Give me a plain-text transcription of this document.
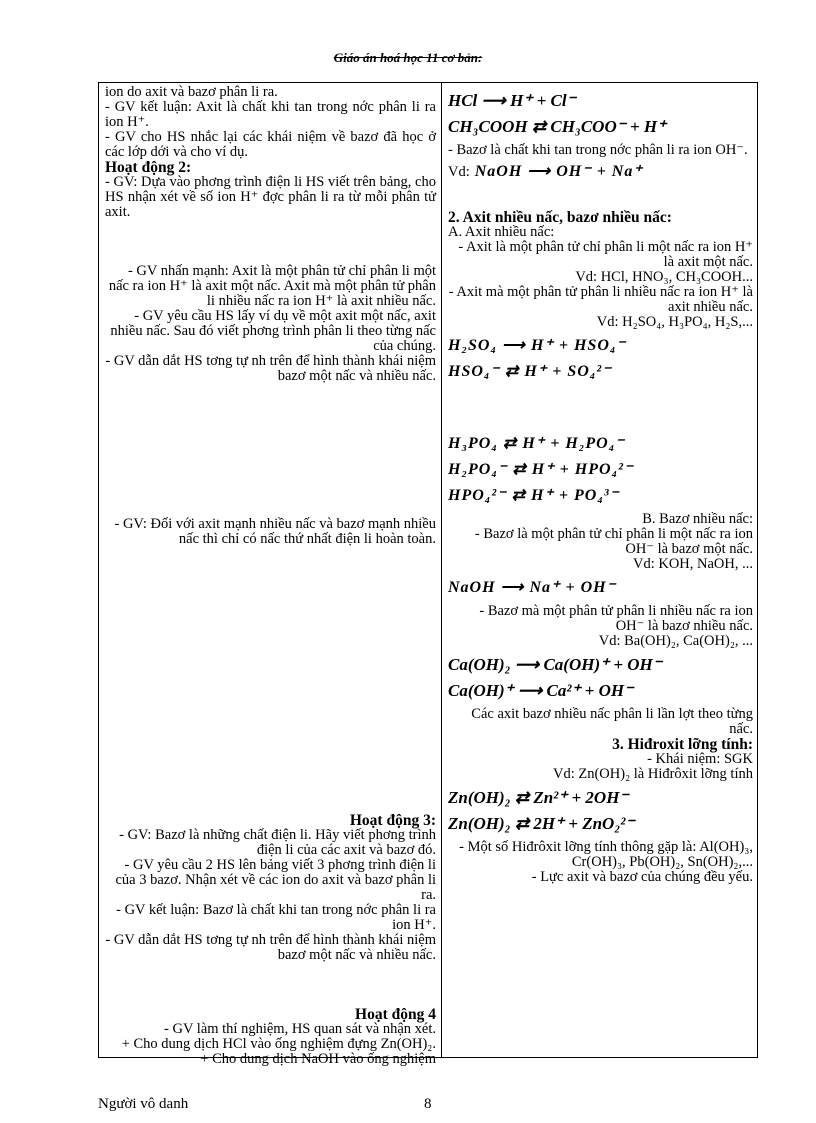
Giáo án hoá học 11 cơ bản:

ion do axit và bazơ phân li ra.

- GV kết luận: Axit là chất khi tan trong nớc phân li ra ion H⁺.

- GV cho HS nhắc lại các khái niệm về bazơ đã học ở các lớp dới và cho ví dụ.

Hoạt động 2:

- GV: Dựa vào phơng trình điện li HS viết trên bảng, cho HS nhận xét về số ion H⁺ đợc phân li ra từ mỗi phân tử axit.

- GV nhấn mạnh: Axit là một phân tử chỉ phân li một nấc ra ion H⁺ là axit một nấc. Axit mà một phân tử phân li nhiều nấc ra ion H⁺ là axit nhiều nấc.

- GV yêu cầu HS lấy ví dụ về một axit một nấc, axit nhiều nấc. Sau đó viết phơng trình phân li theo từng nấc của chúng.

- GV dẫn dắt HS tơng tự nh trên để hình thành khái niệm bazơ một nấc và nhiều nấc.

- GV: Đối với axit mạnh nhiều nấc và bazơ mạnh nhiều nấc thì chỉ có nấc thứ nhất điện li hoàn toàn.

Hoạt động 3:

- GV: Bazơ là những chất điện li. Hãy viết phơng trình điện li của các axit và bazơ đó.

- GV yêu cầu 2 HS lên bảng viết 3 phơng trình điện li của 3 bazơ. Nhận xét về các ion do axit và bazơ phân li ra.

- GV kết luận: Bazơ là chất khi tan trong nớc phân li ra ion H⁺.

- GV dẫn dắt HS tơng tự nh trên để hình thành khái niệm bazơ một nấc và nhiều nấc.

Hoạt động 4

- GV làm thí nghiệm, HS quan sát và nhận xét.

+ Cho dung dịch HCl vào ống nghiệm đựng Zn(OH)₂.

+ Cho dung dịch NaOH vào ống nghiệm

HCl ⟶ H⁺ + Cl⁻
CH₃COOH ⇄ CH₃COO⁻ + H⁺

- Bazơ là chất khi tan trong nớc phân li ra ion OH⁻.

Vd: NaOH ⟶ OH⁻ + Na⁺

2. Axit nhiều nấc, bazơ nhiều nấc:

A. Axit nhiều nấc:

- Axit là một phân tử chỉ phân li một nấc ra ion H⁺ là axit một nấc.

Vd: HCl, HNO₃, CH₃COOH...

- Axit mà một phân tử phân li nhiều nấc ra ion H⁺ là axit nhiều nấc.

Vd: H₂SO₄, H₃PO₄, H₂S,...

H₂SO₄ ⟶ H⁺ + HSO₄⁻
HSO₄⁻ ⇄ H⁺ + SO₄²⁻
H₃PO₄ ⇄ H⁺ + H₂PO₄⁻
H₂PO₄⁻ ⇄ H⁺ + HPO₄²⁻
HPO₄²⁻ ⇄ H⁺ + PO₄³⁻

B. Bazơ nhiều nấc:

- Bazơ là một phân tử chỉ phân li một nấc ra ion OH⁻ là bazơ một nấc.

Vd: KOH, NaOH, ...

NaOH ⟶ Na⁺ + OH⁻

- Bazơ mà một phân tử phân li nhiều nấc ra ion OH⁻ là bazơ nhiều nấc.

Vd: Ba(OH)₂, Ca(OH)₂, ...

Ca(OH)₂ ⟶ Ca(OH)⁺ + OH⁻
Ca(OH)⁺ ⟶ Ca²⁺ + OH⁻

Các axit bazơ nhiều nấc phân li lần lợt theo từng nấc.

3. Hiđroxit lỡng tính:

- Khái niệm: SGK

Vd: Zn(OH)₂ là Hiđrôxit lỡng tính

Zn(OH)₂ ⇄ Zn²⁺ + 2OH⁻
Zn(OH)₂ ⇄ 2H⁺ + ZnO₂²⁻

- Một số Hiđrôxit lỡng tính thông gặp là: Al(OH)₃, Cr(OH)₃, Pb(OH)₂, Sn(OH)₂,...

- Lực axit và bazơ của chúng đều yếu.

Người vô danh	8
